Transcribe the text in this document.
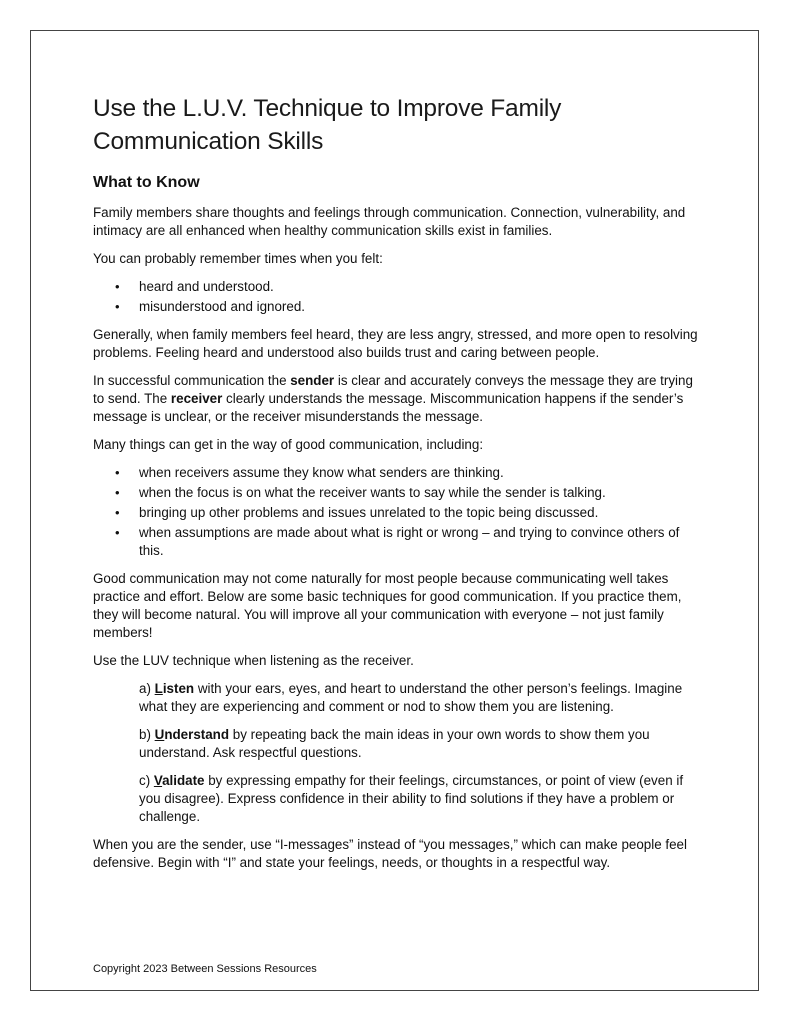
Use the L.U.V. Technique to Improve Family Communication Skills
What to Know

Family members share thoughts and feelings through communication. Connection, vulnerability, and intimacy are all enhanced when healthy communication skills exist in families.

You can probably remember times when you felt:

• heard and understood.
• misunderstood and ignored.

Generally, when family members feel heard, they are less angry, stressed, and more open to resolving problems. Feeling heard and understood also builds trust and caring between people.

In successful communication the sender is clear and accurately conveys the message they are trying to send. The receiver clearly understands the message. Miscommunication happens if the sender’s message is unclear, or the receiver misunderstands the message.

Many things can get in the way of good communication, including:

• when receivers assume they know what senders are thinking.
• when the focus is on what the receiver wants to say while the sender is talking.
• bringing up other problems and issues unrelated to the topic being discussed.
• when assumptions are made about what is right or wrong – and trying to convince others of this.

Good communication may not come naturally for most people because communicating well takes practice and effort. Below are some basic techniques for good communication. If you practice them, they will become natural. You will improve all your communication with everyone – not just family members!

Use the LUV technique when listening as the receiver.

a) Listen with your ears, eyes, and heart to understand the other person’s feelings. Imagine what they are experiencing and comment or nod to show them you are listening.
b) Understand by repeating back the main ideas in your own words to show them you understand. Ask respectful questions.
c) Validate by expressing empathy for their feelings, circumstances, or point of view (even if you disagree). Express confidence in their ability to find solutions if they have a problem or challenge.

When you are the sender, use “I-messages” instead of “you messages,” which can make people feel defensive. Begin with “I” and state your feelings, needs, or thoughts in a respectful way.

Copyright 2023 Between Sessions Resources
